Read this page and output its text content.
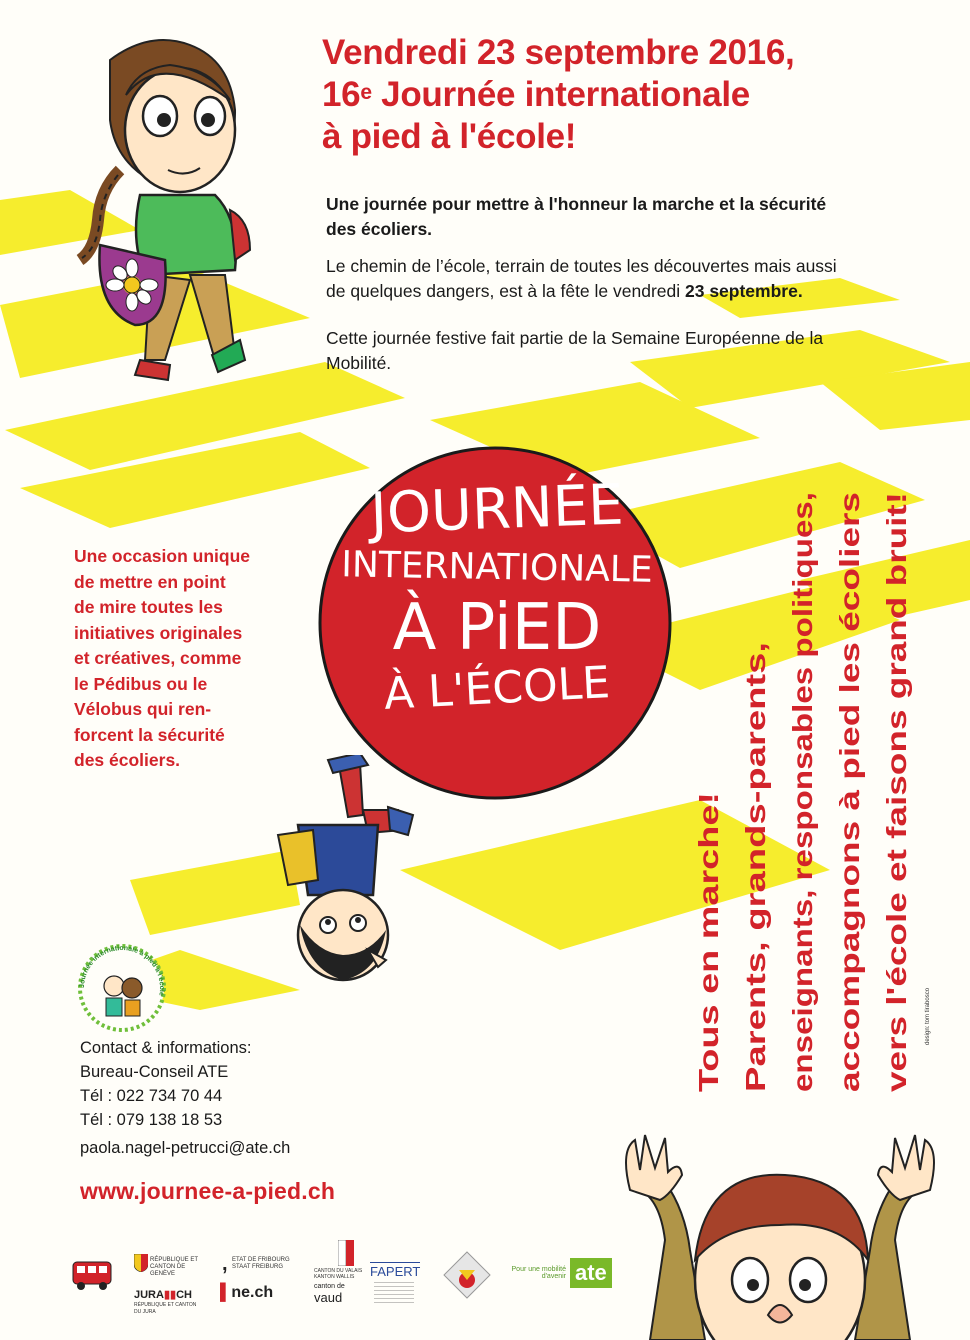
Vendredi 23 septembre 2016,
16e Journée internationale
à pied à l'école!

Une journée pour mettre à l'honneur la marche et la sécurité des écoliers.

Le chemin de l’école, terrain de toutes les découvertes mais aussi de quelques dangers, est à la fête le vendredi 23 septembre.

Cette journée festive fait partie de la Semaine Européenne de la Mobilité.

JOURNÉE
INTERNATIONALE
À PiED
À L'ÉCOLE
Une occasion unique
de mettre en point
de mire toutes les
initiatives originales
et créatives, comme
le Pédibus ou le
Vélobus qui ren-
forcent la sécurité
des écoliers.
Tous en marche! Parents, grands-parents, enseignants, responsables politiques, accompagnons à pied les écoliers vers l'école et faisons grand bruit!
Journée internationale à pied à l'école
Contact & informations:
Bureau-Conseil ATE
Tél : 022 734 70 44
Tél : 079 138 18 53
paola.nagel-petrucci@ate.ch
www.journee-a-pied.ch
RÉPUBLIQUE ET CANTON DE GENÈVE
JURA▮▮CH
RÉPUBLIQUE ET CANTON DU JURA
, ETAT DE FRIBOURG
STAAT FREIBURG
▌ne.ch
CANTON DU VALAIS
KANTON WALLIS
canton de
vaud
FAPERT	Pour une mobilité
d'avenir ate
design: tom tirabosco
